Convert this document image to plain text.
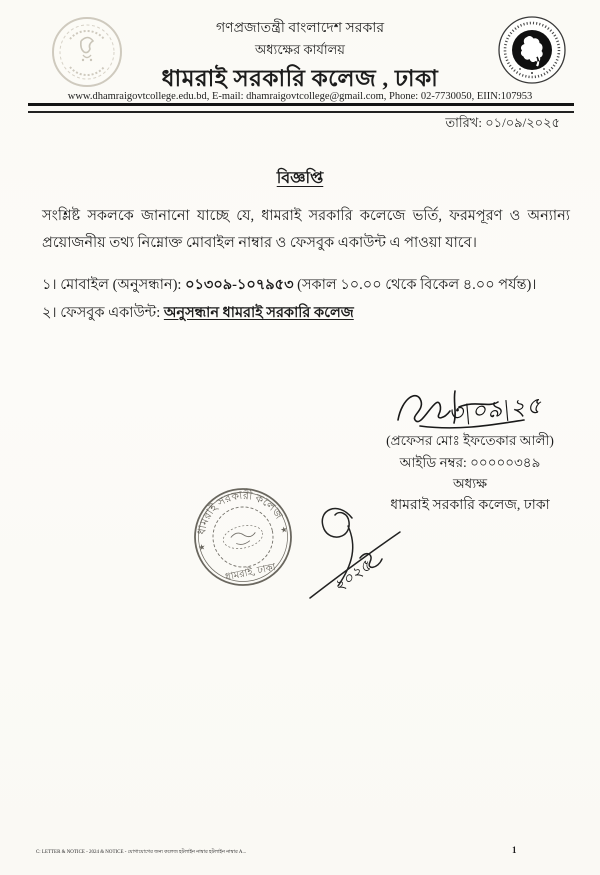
গণপ্রজাতন্ত্রী বাংলাদেশ সরকার
অধ্যক্ষের কার্যালয়
ধামরাই সরকারি কলেজ , ঢাকা
www.dhamraigovtcollege.edu.bd, E-mail: dhamraigovtcollege@gmail.com, Phone: 02-7730050, EIIN:107953
তারিখ: ০১/০৯/২০২৫
বিজ্ঞপ্তি
সংশ্লিষ্ট সকলকে জানানো যাচ্ছে যে, ধামরাই সরকারি কলেজে ভর্তি, ফরমপূরণ ও অন্যান্য প্রয়োজনীয় তথ্য নিম্নোক্ত মোবাইল নাম্বার ও ফেসবুক একাউন্ট এ পাওয়া যাবে।
১। মোবাইল (অনুসন্ধান): ০১৩০৯-১০৭৯৫৩ (সকাল ১০.০০ থেকে বিকেল ৪.০০ পর্যন্ত)।
২। ফেসবুক একাউন্ট: অনুসন্ধান ধামরাই সরকারি কলেজ
৩|০৯|২৫
(প্রফেসর মোঃ ইফতেকার আলী)
আইডি নম্বর: ০০০০০৩৪৯
অধ্যক্ষ
ধামরাই সরকারি কলেজ, ঢাকা
ধামরাই সরকারী কলেজ
ধামরাই, ঢাকা
★
★
২০২৫
C: LETTER & NOTICE - 2024 & NOTICE - যোগাযোগের জন্য কলেজ হটলাইন নাম্বার হটলাইন নাম্বার A...	1
